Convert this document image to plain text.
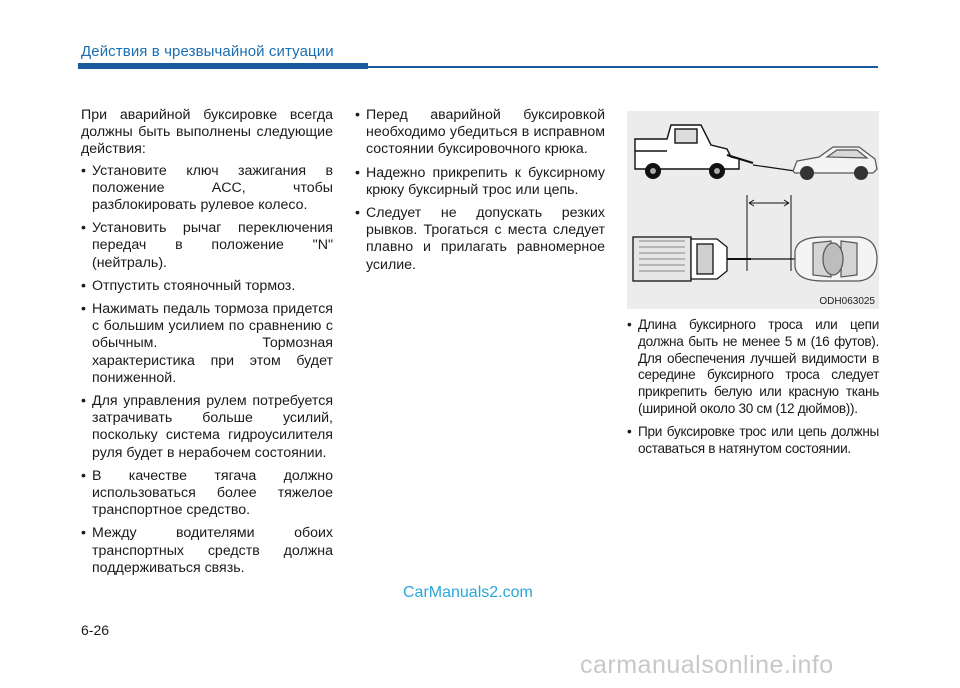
Действия в чрезвычайной ситуации

При аварийной буксировке всегда должны быть выполнены следующие действия:

• Установите ключ зажигания в положение ACC, чтобы разблокировать рулевое колесо.
• Установить рычаг переключения передач в положение "N" (нейтраль).
• Отпустить стояночный тормоз.
• Нажимать педаль тормоза придется с большим усилием по сравнению с обычным. Тормозная характеристика при этом будет пониженной.
• Для управления рулем потребуется затрачивать больше усилий, поскольку система гидроусилителя руля будет в нерабочем состоянии.
• В качестве тягача должно использоваться более тяжелое транспортное средство.
• Между водителями обоих транспортных средств должна поддерживаться связь.
• Перед аварийной буксировкой необходимо убедиться в исправном состоянии буксировочного крюка.
• Надежно прикрепить к буксирному крюку буксирный трос или цепь.
• Следует не допускать резких рывков. Трогаться с места следует плавно и прилагать равномерное усилие.
ODH063025
• Длина буксирного троса или цепи должна быть не менее 5 м (16 футов). Для обеспечения лучшей видимости в середине буксирного троса следует прикрепить белую или красную ткань (шириной около 30 см (12 дюймов)).
• При буксировке трос или цепь должны оставаться в натянутом состоянии.
CarManuals2.com
6-26
carmanualsonline.info
